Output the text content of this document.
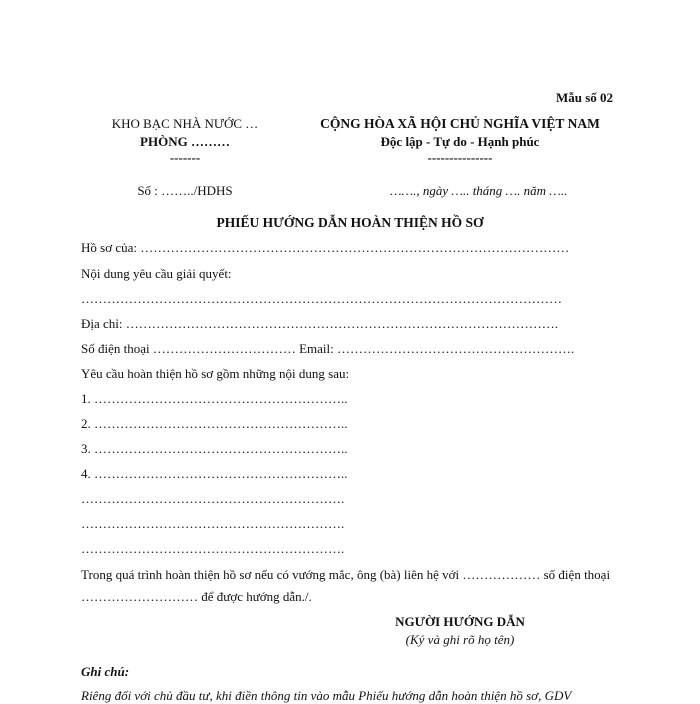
Mẫu số 02
KHO BẠC NHÀ NƯỚC …
PHÒNG ………
-------
Số : ……../HDHS
CỘNG HÒA XÃ HỘI CHỦ NGHĨA VIỆT NAM
Độc lập - Tự do - Hạnh phúc
---------------
……., ngày ….. tháng …. năm …..
PHIẾU HƯỚNG DẪN HOÀN THIỆN HỒ SƠ
Hồ sơ của: ………………………………………………………………………………………
Nội dung yêu cầu giải quyết:
…………………………………………………………………………………………………
Địa chỉ: ……………………………………………………………………………………….
Số điện thoại …………………………… Email: ……………………………………………….
Yêu cầu hoàn thiện hồ sơ gồm những nội dung sau:
1. …………………………………………………..
2. …………………………………………………..
3. …………………………………………………..
4. …………………………………………………..
…………………………………………………….
…………………………………………………….
…………………………………………………….
Trong quá trình hoàn thiện hồ sơ nếu có vướng mắc, ông (bà) liên hệ với ……………… số điện thoại ……………………… để được hướng dẫn./.
NGƯỜI HƯỚNG DẪN
(Ký và ghi rõ họ tên)
Ghi chú:
Riêng đối với chủ đầu tư, khi điền thông tin vào mẫu Phiếu hướng dẫn hoàn thiện hồ sơ, GDV
